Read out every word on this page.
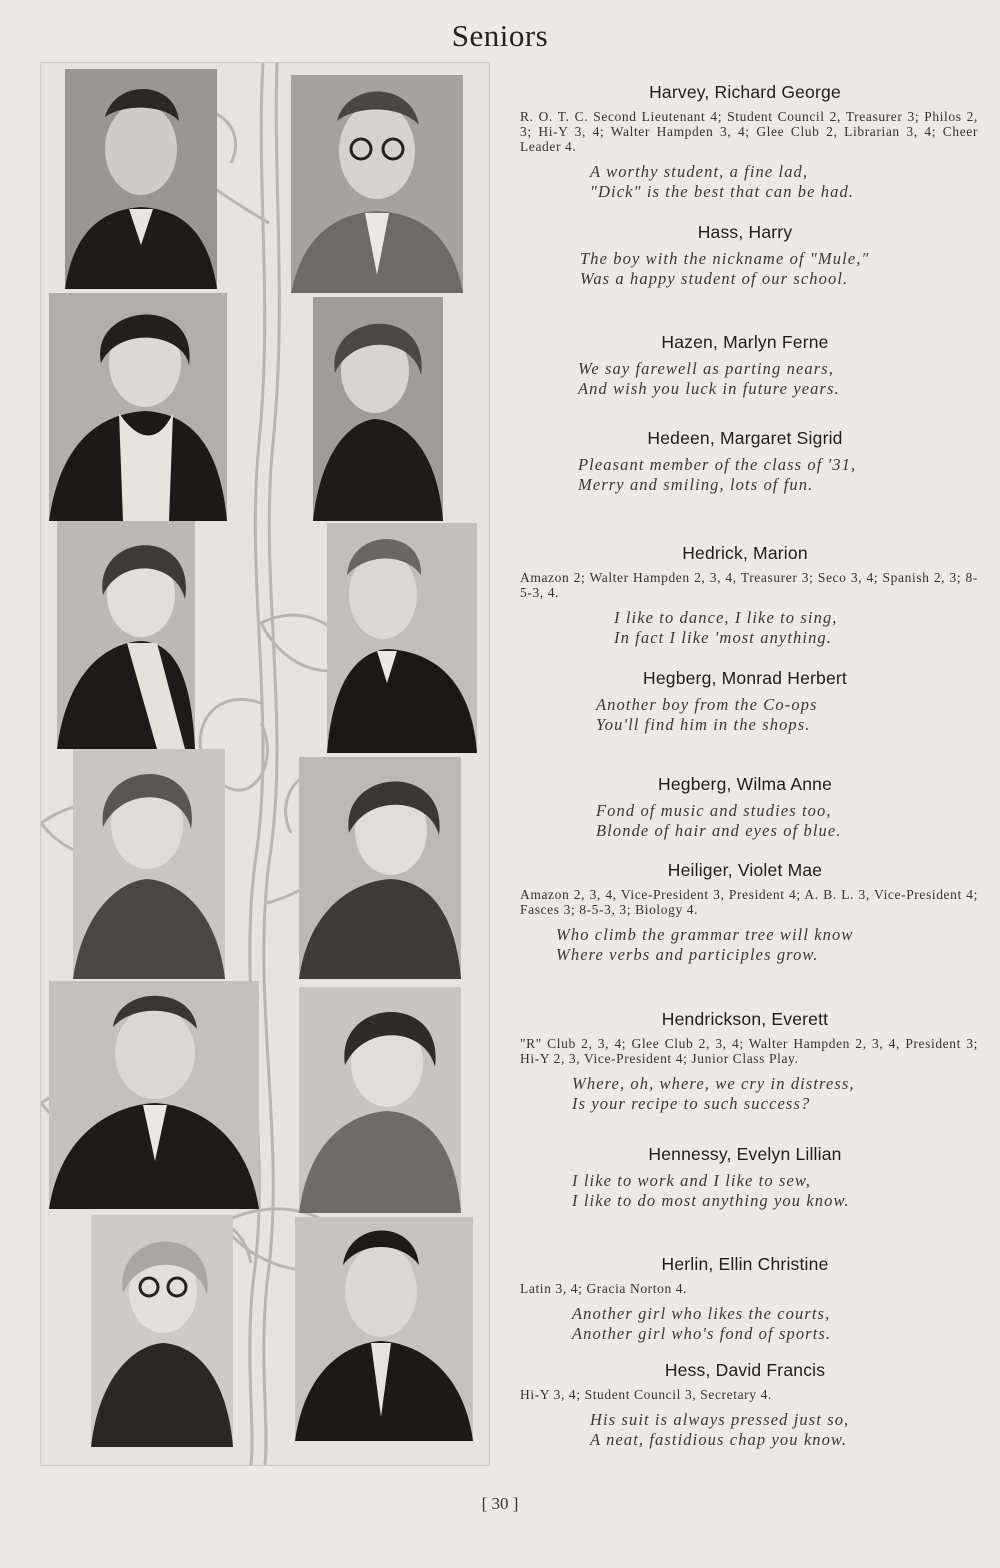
Seniors
Harvey, Richard George
R. O. T. C. Second Lieutenant 4; Student Council 2, Treasurer 3; Philos 2, 3; Hi-Y 3, 4; Walter Hampden 3, 4; Glee Club 2, Librarian 3, 4; Cheer Leader 4.
A worthy student, a fine lad,
"Dick" is the best that can be had.
Hass, Harry
The boy with the nickname of "Mule,"
Was a happy student of our school.
Hazen, Marlyn Ferne
We say farewell as parting nears,
And wish you luck in future years.
Hedeen, Margaret Sigrid
Pleasant member of the class of '31,
Merry and smiling, lots of fun.
Hedrick, Marion
Amazon 2; Walter Hampden 2, 3, 4, Treasurer 3; Seco 3, 4; Spanish 2, 3; 8-5-3, 4.
I like to dance, I like to sing,
In fact I like 'most anything.
Hegberg, Monrad Herbert
Another boy from the Co-ops
You'll find him in the shops.
Hegberg, Wilma Anne
Fond of music and studies too,
Blonde of hair and eyes of blue.
Heiliger, Violet Mae
Amazon 2, 3, 4, Vice-President 3, President 4; A. B. L. 3, Vice-President 4; Fasces 3; 8-5-3, 3; Biology 4.
Who climb the grammar tree will know
Where verbs and participles grow.
Hendrickson, Everett
"R" Club 2, 3, 4; Glee Club 2, 3, 4; Walter Hampden 2, 3, 4, President 3; Hi-Y 2, 3, Vice-President 4; Junior Class Play.
Where, oh, where, we cry in distress,
Is your recipe to such success?
Hennessy, Evelyn Lillian
I like to work and I like to sew,
I like to do most anything you know.
Herlin, Ellin Christine
Latin 3, 4; Gracia Norton 4.
Another girl who likes the courts,
Another girl who's fond of sports.
Hess, David Francis
Hi-Y 3, 4; Student Council 3, Secretary 4.
His suit is always pressed just so,
A neat, fastidious chap you know.
[ 30 ]
